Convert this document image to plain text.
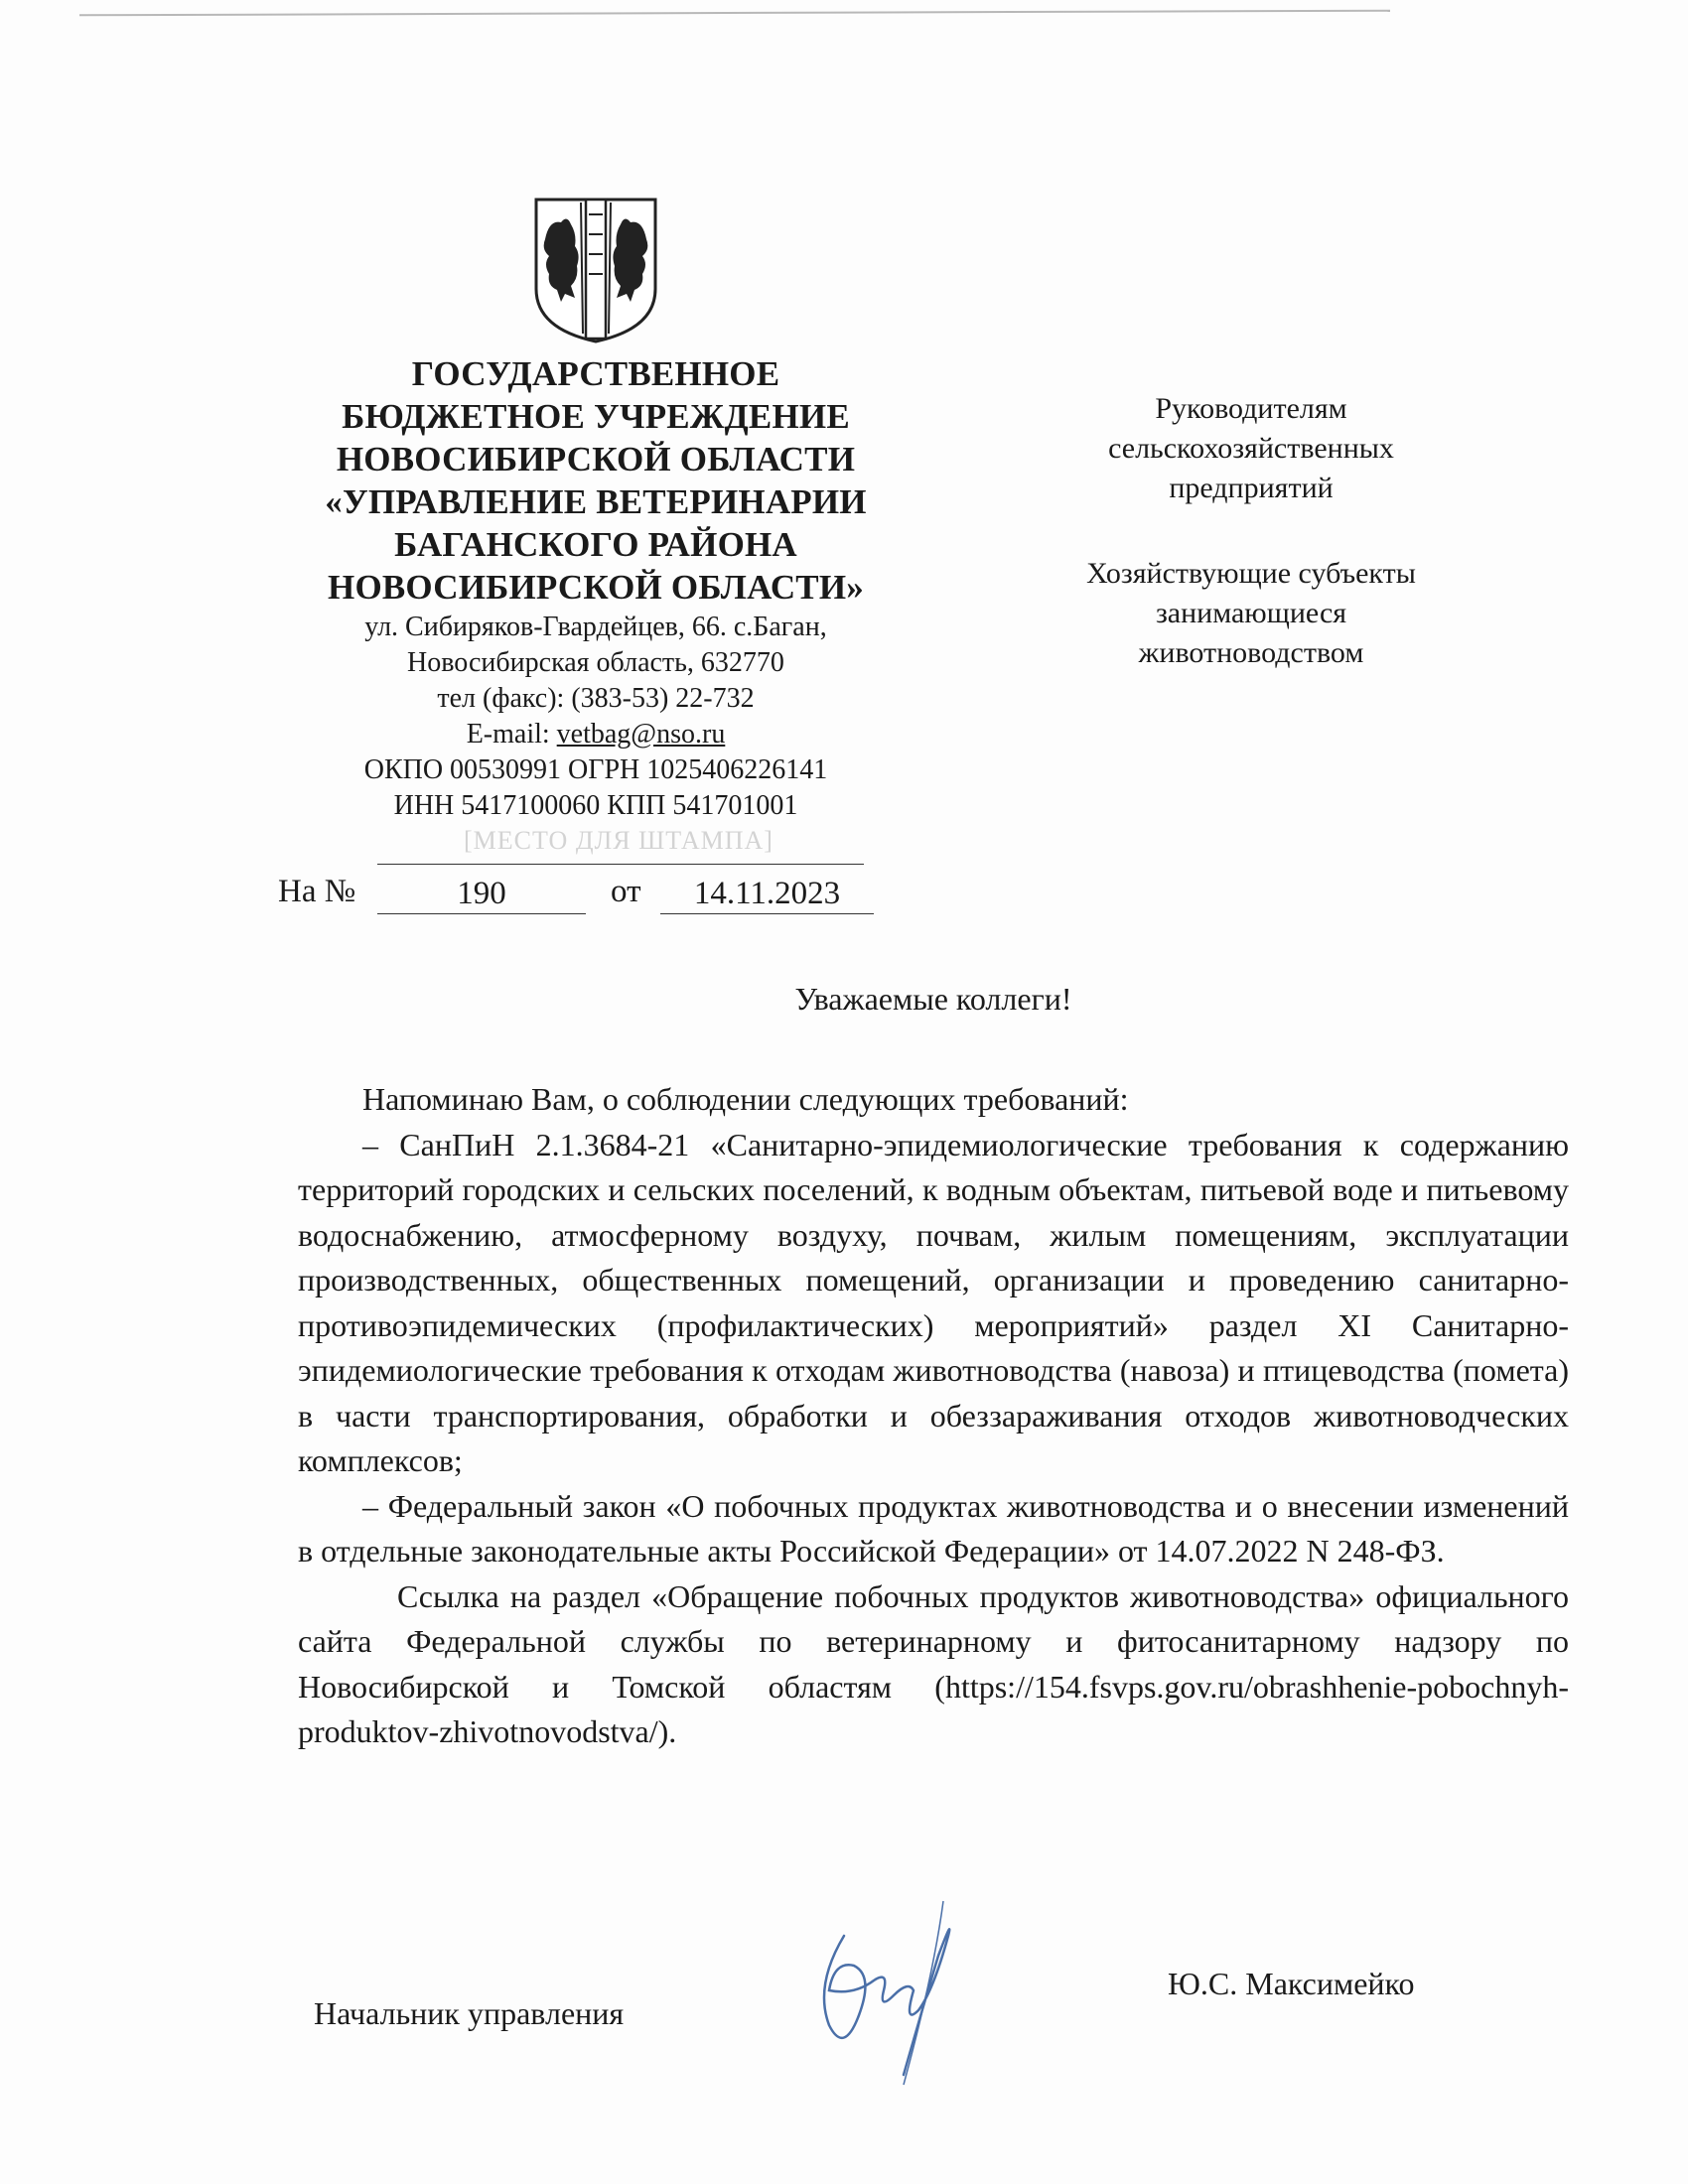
ГОСУДАРСТВЕННОЕ
БЮДЖЕТНОЕ УЧРЕЖДЕНИЕ
НОВОСИБИРСКОЙ ОБЛАСТИ
«УПРАВЛЕНИЕ ВЕТЕРИНАРИИ
БАГАНСКОГО РАЙОНА
НОВОСИБИРСКОЙ ОБЛАСТИ»
ул. Сибиряков-Гвардейцев, 66. с.Баган,
Новосибирская область, 632770
тел (факс): (383-53) 22-732
E-mail: vetbag@nso.ru
ОКПО 00530991 ОГРН 1025406226141
ИНН 5417100060 КПП 541701001
[МЕСТО ДЛЯ ШТАМПА]
На №	190	от	14.11.2023
Руководителям
сельскохозяйственных
предприятий
Хозяйствующие субъекты
занимающиеся
животноводством
Уважаемые коллеги!

Напоминаю Вам, о соблюдении следующих требований:

– СанПиН 2.1.3684-21 «Санитарно-эпидемиологические требования к содержанию территорий городских и сельских поселений, к водным объектам, питьевой воде и питьевому водоснабжению, атмосферному воздуху, почвам, жилым помещениям, эксплуатации производственных, общественных помещений, организации и проведению санитарно-противоэпидемических (профилактических) мероприятий» раздел XI Санитарно-эпидемиологические требования к отходам животноводства (навоза) и птицеводства (помета) в части транспортирования, обработки и обеззараживания отходов животноводческих комплексов;

– Федеральный закон «О побочных продуктах животноводства и о внесении изменений в отдельные законодательные акты Российской Федерации» от 14.07.2022 N 248-ФЗ.

Ссылка на раздел «Обращение побочных продуктов животноводства» официального сайта Федеральной службы по ветеринарному и фитосанитарному надзору по Новосибирской и Томской областям (https://154.fsvps.gov.ru/obrashhenie-pobochnyh-produktov-zhivotnovodstva/).

Начальник управления
Ю.С. Максимейко
